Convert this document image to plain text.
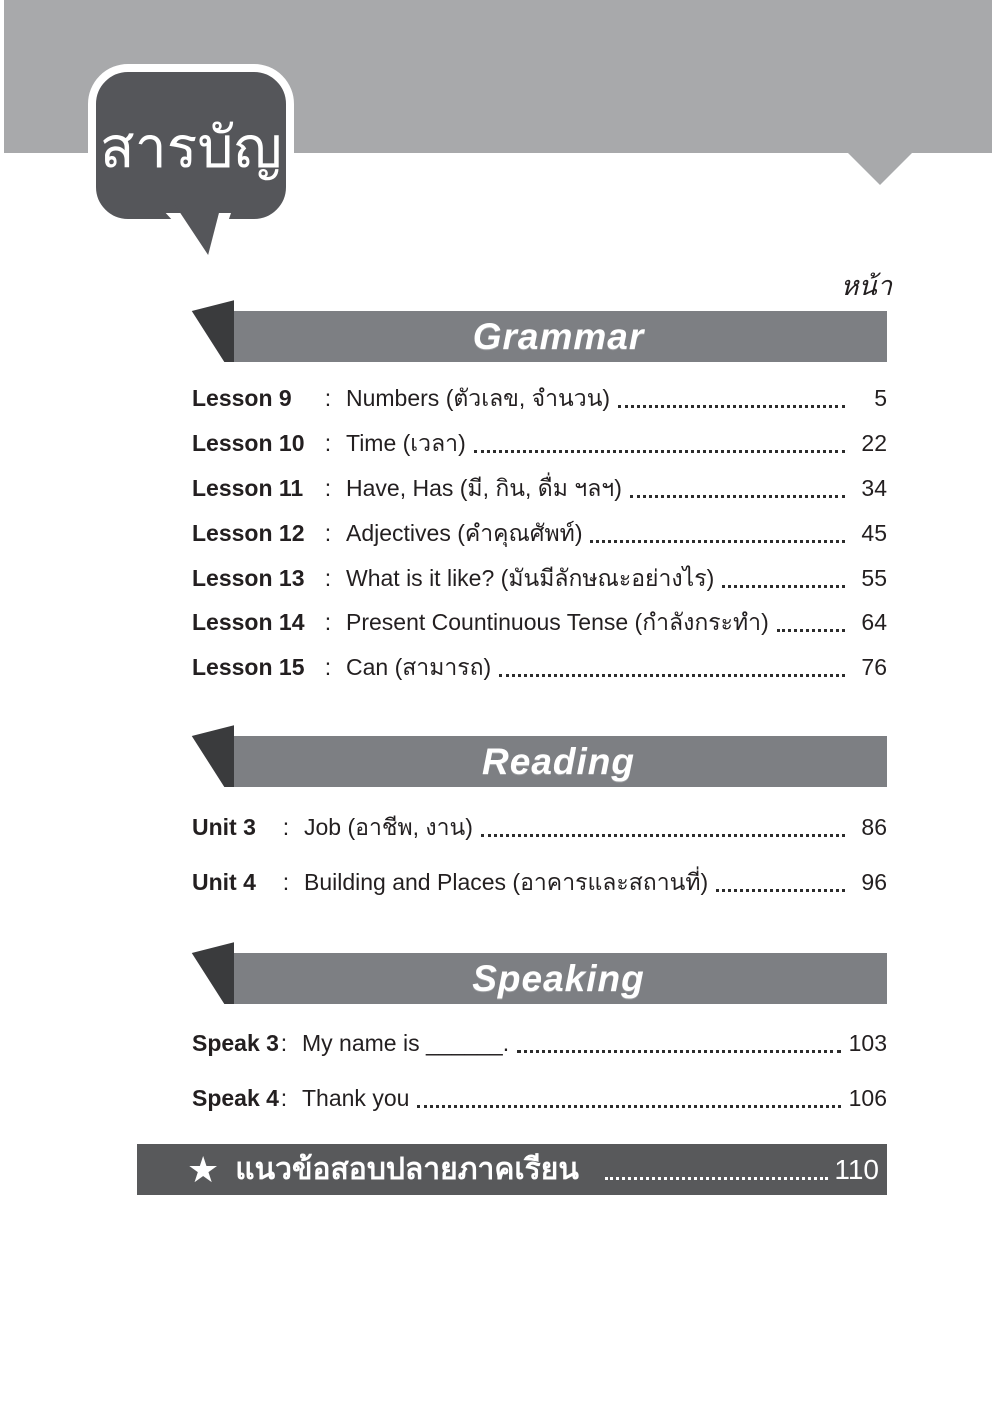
สารบัญ
หน้า
Grammar
Lesson 9	: Numbers (ตัวเลข, จำนวน)	5
Lesson 10 : Time (เวลา)	22
Lesson 11 : Have, Has (มี, กิน, ดื่ม ฯลฯ)	34
Lesson 12 : Adjectives (คำคุณศัพท์)	45
Lesson 13 : What is it like? (มันมีลักษณะอย่างไร)	55
Lesson 14 : Present Countinuous Tense (กำลังกระทำ)	64
Lesson 15 : Can (สามารถ)	76
Reading
Unit 3	: Job (อาชีพ, งาน)	86
Unit 4	: Building and Places (อาคารและสถานที่)	96
Speaking
Speak 3 : My name is ______.	103
Speak 4 : Thank you	106
★ แนวข้อสอบปลายภาคเรียน	110
